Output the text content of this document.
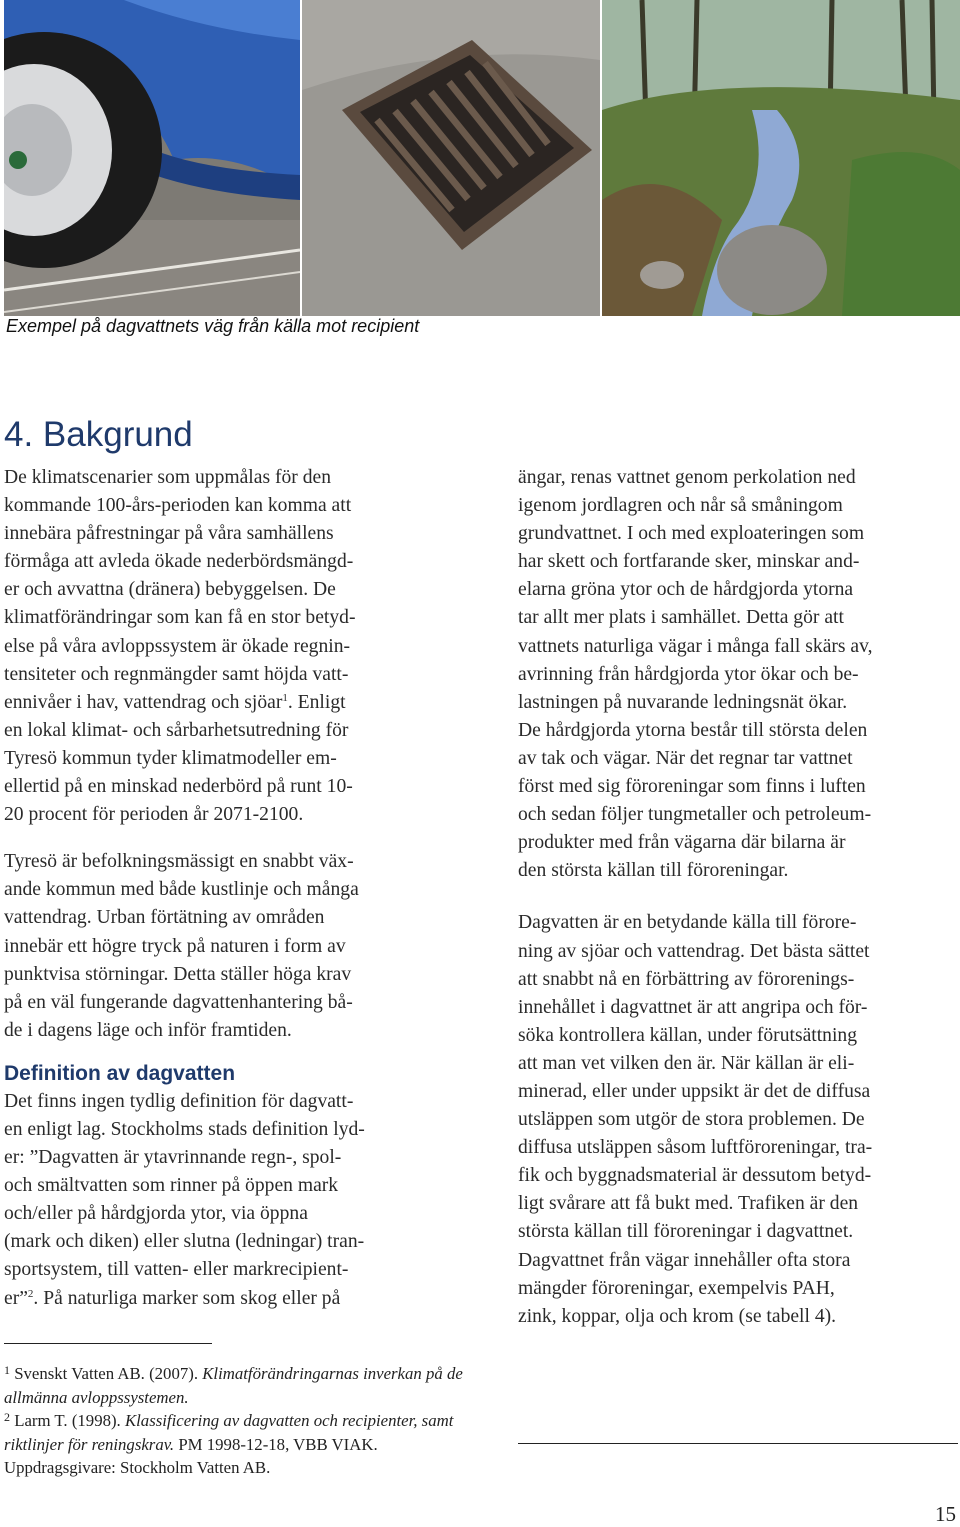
Exempel på dagvattnets väg från källa mot recipient
4. Bakgrund

De klimatscenarier som uppmålas för den
kommande 100-års-perioden kan komma att
innebära påfrestningar på våra samhällens
förmåga att avleda ökade nederbördsmängd-
er och avvattna (dränera) bebyggelsen. De
klimatförändringar som kan få en stor betyd-
else på våra avloppssystem är ökade regnin-
tensiteter och regnmängder samt höjda vatt-
ennivåer i hav, vattendrag och sjöar$^1$. Enligt
en lokal klimat- och sårbarhetsutredning för
Tyresö kommun tyder klimatmodeller em-
ellertid på en minskad nederbörd på runt 10-
20 procent för perioden år 2071-2100.

Tyresö är befolkningsmässigt en snabbt väx-
ande kommun med både kustlinje och många
vattendrag. Urban förtätning av områden
innebär ett högre tryck på naturen i form av
punktvisa störningar. Detta ställer höga krav
på en väl fungerande dagvattenhantering bå-
de i dagens läge och inför framtiden.

Definition av dagvatten

Det finns ingen tydlig definition för dagvatt-
en enligt lag. Stockholms stads definition lyd-
er: ”Dagvatten är ytavrinnande regn-, spol-
och smältvatten som rinner på öppen mark
och/eller på hårdgjorda ytor, via öppna
(mark och diken) eller slutna (ledningar) tran-
sportsystem, till vatten- eller markrecipient-
er”$^2$. På naturliga marker som skog eller på

ängar, renas vattnet genom perkolation ned
igenom jordlagren och når så småningom
grundvattnet. I och med exploateringen som
har skett och fortfarande sker, minskar and-
elarna gröna ytor och de hårdgjorda ytorna
tar allt mer plats i samhället. Detta gör att
vattnets naturliga vägar i många fall skärs av,
avrinning från hårdgjorda ytor ökar och be-
lastningen på nuvarande ledningsnät ökar.
De hårdgjorda ytorna består till största delen
av tak och vägar. När det regnar tar vattnet
först med sig föroreningar som finns i luften
och sedan följer tungmetaller och petroleum-
produkter med från vägarna där bilarna är
den största källan till föroreningar.

Dagvatten är en betydande källa till förore-
ning av sjöar och vattendrag. Det bästa sättet
att snabbt nå en förbättring av förorenings-
innehållet i dagvattnet är att angripa och för-
söka kontrollera källan, under förutsättning
att man vet vilken den är. När källan är eli-
minerad, eller under uppsikt är det de diffusa
utsläppen som utgör de stora problemen. De
diffusa utsläppen såsom luftföroreningar, tra-
fik och byggnadsmaterial är dessutom betyd-
ligt svårare att få bukt med. Trafiken är den
största källan till föroreningar i dagvattnet.
Dagvattnet från vägar innehåller ofta stora
mängder föroreningar, exempelvis PAH,
zink, koppar, olja och krom (se tabell 4).

$^1$ Svenskt Vatten AB. (2007). Klimatförändringarnas inverkan på de allmänna avloppssystemen.

$^2$ Larm T. (1998). Klassificering av dagvatten och recipienter, samt riktlinjer för reningskrav. PM 1998-12-18, VBB VIAK. Uppdragsgivare: Stockholm Vatten AB.

15
